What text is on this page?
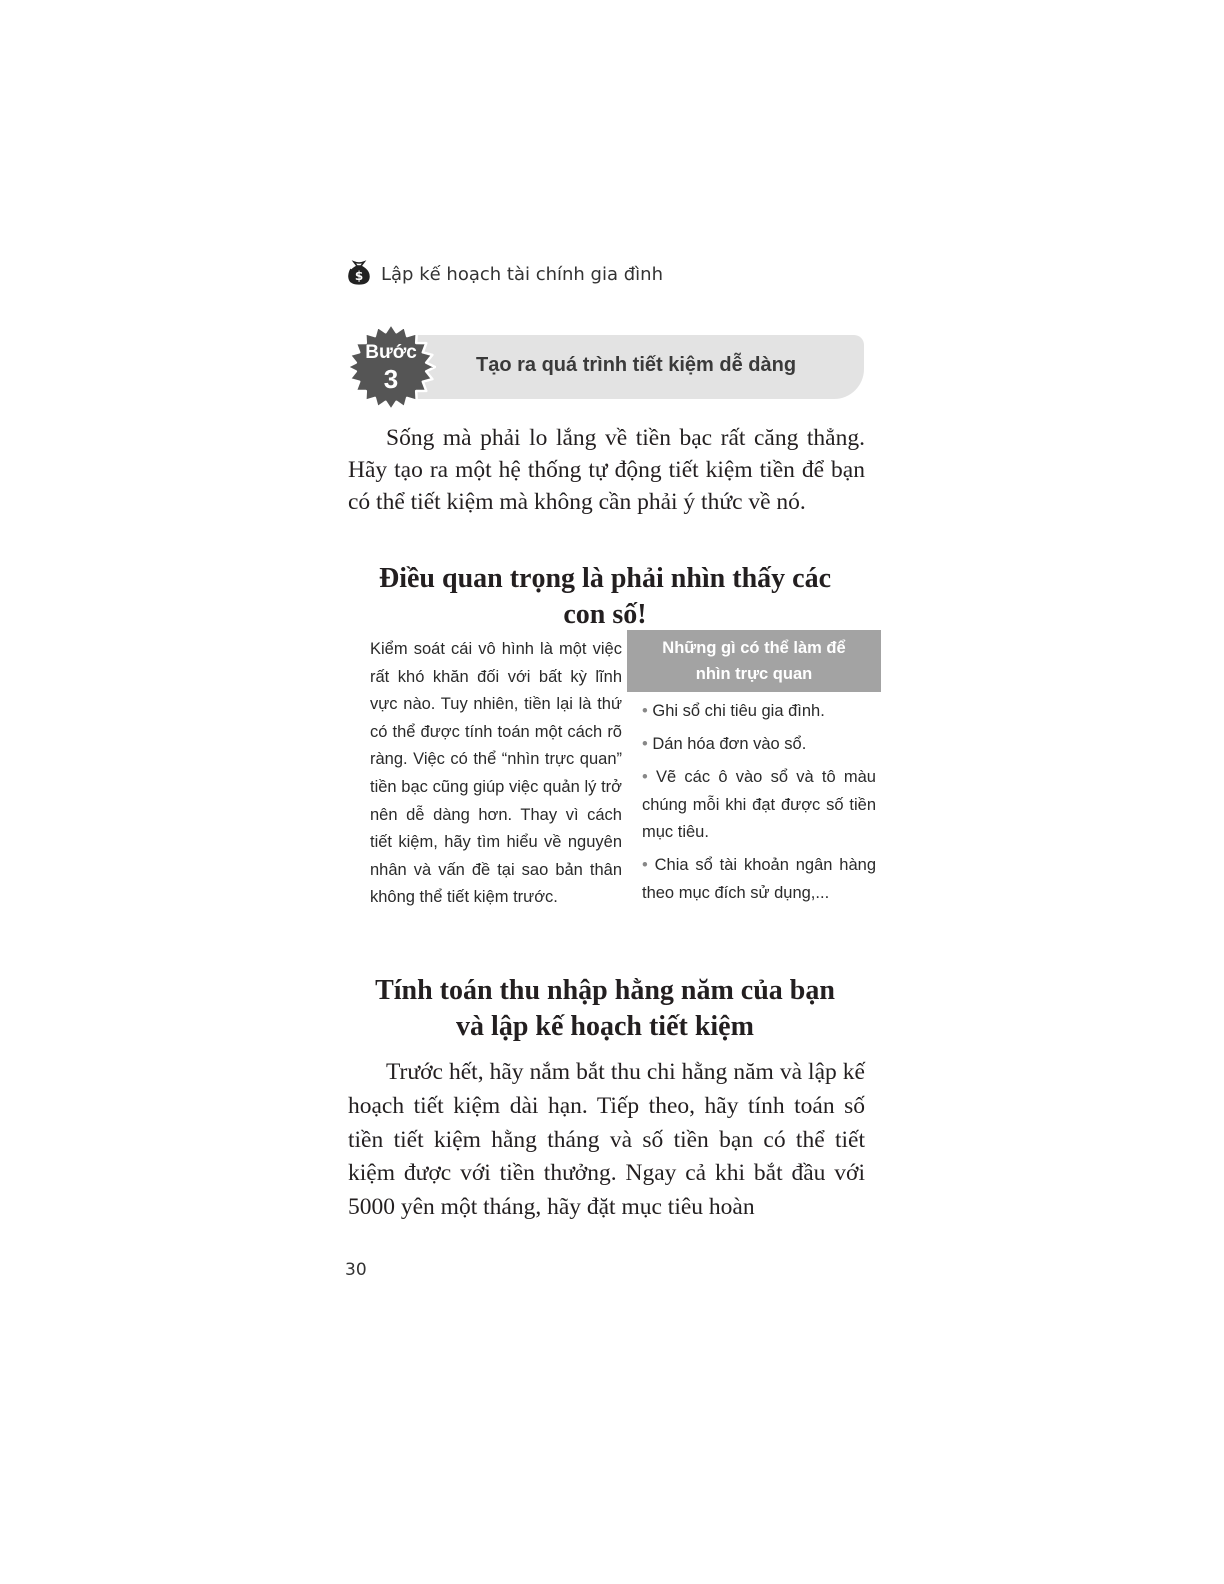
$ Lập kế hoạch tài chính gia đình
Bước
3	Tạo ra quá trình tiết kiệm dễ dàng

Sống mà phải lo lắng về tiền bạc rất căng thẳng. Hãy tạo ra một hệ thống tự động tiết kiệm tiền để bạn có thể tiết kiệm mà không cần phải ý thức về nó.

Điều quan trọng là phải nhìn thấy các
con số!

Kiểm soát cái vô hình là một việc rất khó khăn đối với bất kỳ lĩnh vực nào. Tuy nhiên, tiền lại là thứ có thể được tính toán một cách rõ ràng. Việc có thể “nhìn trực quan” tiền bạc cũng giúp việc quản lý trở nên dễ dàng hơn. Thay vì cách tiết kiệm, hãy tìm hiểu về nguyên nhân và vấn đề tại sao bản thân không thể tiết kiệm trước.

Những gì có thể làm để nhìn trực quan
• Ghi sổ chi tiêu gia đình.
• Dán hóa đơn vào sổ.
• Vẽ các ô vào sổ và tô màu chúng mỗi khi đạt được số tiền mục tiêu.
• Chia sổ tài khoản ngân hàng theo mục đích sử dụng,...
Tính toán thu nhập hằng năm của bạn
và lập kế hoạch tiết kiệm

Trước hết, hãy nắm bắt thu chi hằng năm và lập kế hoạch tiết kiệm dài hạn. Tiếp theo, hãy tính toán số tiền tiết kiệm hằng tháng và số tiền bạn có thể tiết kiệm được với tiền thưởng. Ngay cả khi bắt đầu với 5000 yên một tháng, hãy đặt mục tiêu hoàn

30
